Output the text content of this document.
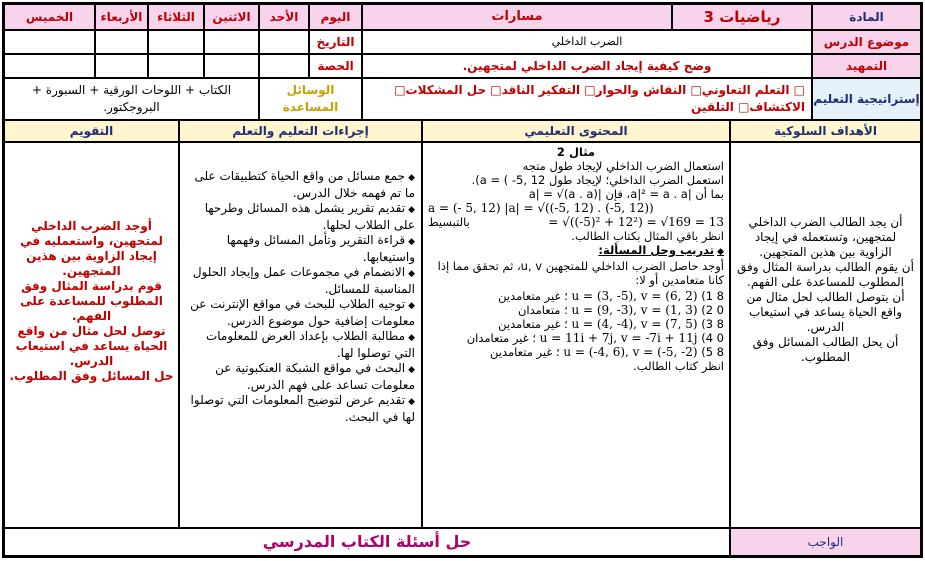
المادة
رياضيات 3
مسارات
اليوم
الأحد
الاثنين
الثلاثاء
الأربعاء
الخميس
موضوع الدرس
الضرب الداخلي
التاريخ
التمهيد
وضح كيفية إيجاد الضرب الداخلي لمتجهين.
الحصة
إستراتيجية التعليم
□ التعلم التعاوني□ النقاش والحوار□ التفكير الناقد□ حل المشكلات□ الاكتشاف□ التلقين
الوسائل المساعدة
الكتاب + اللوحات الورقية + السبورة + البروجكتور.
الأهداف السلوكية
المحتوى التعليمي
إجراءات التعليم والتعلم
التقويم
أن يجد الطالب الضرب الداخلي لمتجهين، وتستعمله في إيجاد الزاوية بين هذين المتجهين.
أن يقوم الطالب بدراسة المثال وفق المطلوب للمساعدة على الفهم.
أن يتوصل الطالب لحل مثال من واقع الحياة يساعد في استيعاب الدرس.
أن يحل الطالب المسائل وفق المطلوب.
مثال 2
استعمال الضرب الداخلي لإيجاد طول متجه
استعمل الضرب الداخلي؛ لإيجاد طول 12 ,5- ) = a).
بما أن |a|² = a . a، فإن |a| = √(a . a)
a = (- 5, 12) |a| = √((-5, 12) . (-5, 12))
= √((-5)² + 12²) = √169 = 13
بالتبسيط
انظر باقي المثال بكتاب الطالب.
◆ تدريب وحل المسألة:
أوجد حاصل الضرب الداخلي للمتجهين u, v، ثم تحقق مما إذا كانا متعامدين أو لا:
8 1) u = (3, -5), v = (6, 2) ؛ غير متعامدين
0 2) u = (9, -3), v = (1, 3) ؛ متعامدان
8 3) u = (4, -4), v = (7, 5) ؛ غير متعامدين
0 4) u = 11i + 7j, v = -7i + 11j ؛ غير متعامدان
8 5) u = (-4, 6), v = (-5, -2) ؛ غير متعامدين
انظر كتاب الطالب.
◆ جمع مسائل من واقع الحياة كتطبيقات على ما تم فهمه خلال الدرس.
◆ تقديم تقرير يشمل هذه المسائل وطرحها على الطلاب لحلها.
◆ قراءة التقرير وتأمل المسائل وفهمها واستيعابها.
◆ الانضمام في مجموعات عمل وإيجاد الحلول المناسبة للمسائل.
◆ توجيه الطلاب للبحث في مواقع الإنترنت عن معلومات إضافية حول موضوع الدرس.
◆ مطالبة الطلاب بإعداد العرض للمعلومات التي توصلوا لها.
◆ البحث في مواقع الشبكة العنكبوتية عن معلومات تساعد على فهم الدرس.
◆ تقديم عرض لتوضيح المعلومات التي توصلوا لها في البحث.
أوجد الضرب الداخلي لمتجهين، واستعمليه في إيجاد الزاوية بين هذين المتجهين.
قوم بدراسة المثال وفق المطلوب للمساعدة على الفهم.
توصل لحل مثال من واقع الحياة يساعد في استيعاب الدرس.
حل المسائل وفق المطلوب.
الواجب
حل أسئلة الكتاب المدرسي
